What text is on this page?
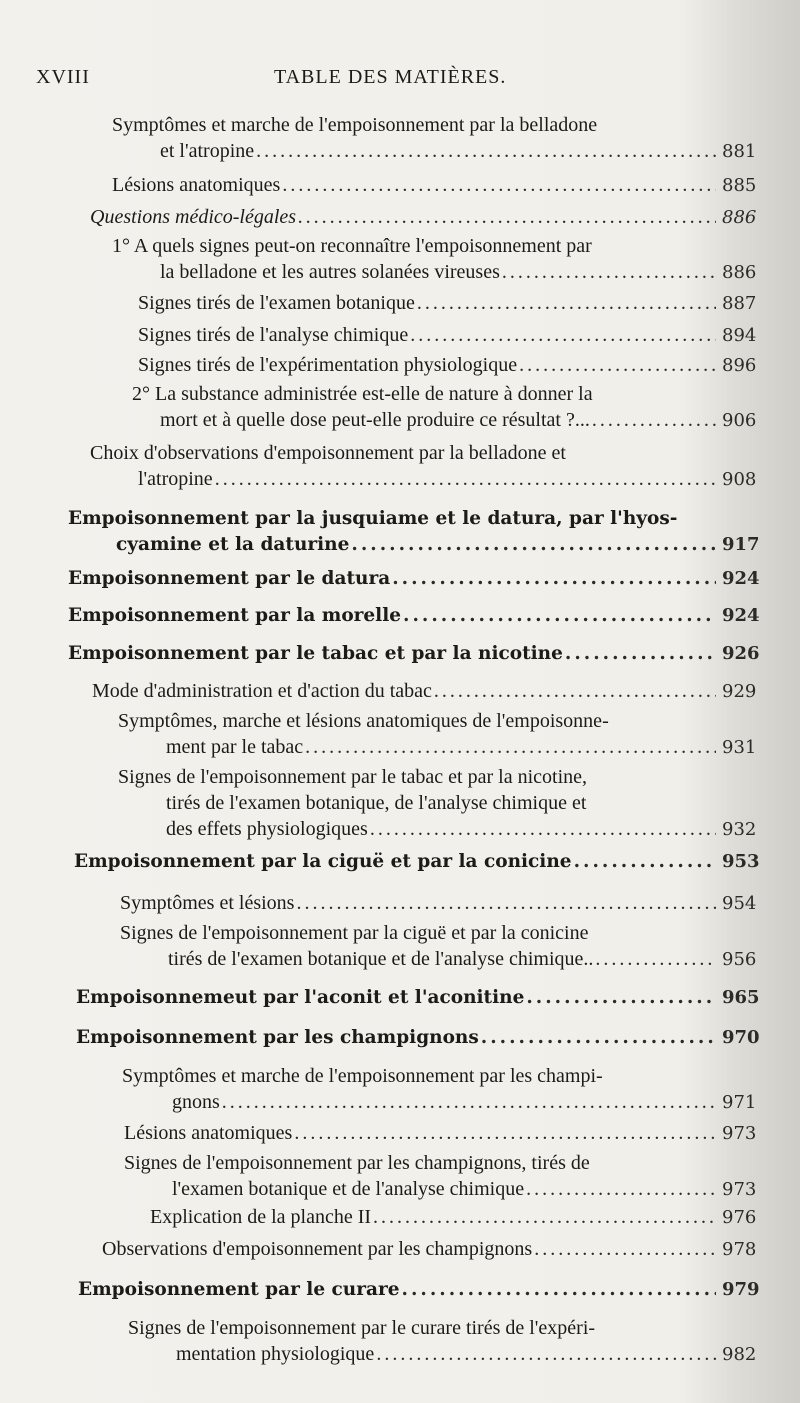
XVIII	TABLE DES MATIÈRES.
Symptômes et marche de l'empoisonnement par la belladone
et l'atropine .....	881
Lésions anatomiques .....	885
Questions médico-légales .....	886
1° A quels signes peut-on reconnaître l'empoisonnement par
la belladone et les autres solanées vireuses .....	886
Signes tirés de l'examen botanique .....	887
Signes tirés de l'analyse chimique .....	894
Signes tirés de l'expérimentation physiologique .....	896
2° La substance administrée est-elle de nature à donner la
mort et à quelle dose peut-elle produire ce résultat ?... .....	906
Choix d'observations d'empoisonnement par la belladone et
l'atropine .....	908
Empoisonnement par la jusquiame et le datura, par l'hyos-
cyamine et la daturine .....	917
Empoisonnement par le datura .....	924
Empoisonnement par la morelle .....	924
Empoisonnement par le tabac et par la nicotine .....	926
Mode d'administration et d'action du tabac .....	929
Symptômes, marche et lésions anatomiques de l'empoisonne-
ment par le tabac .....	931
Signes de l'empoisonnement par le tabac et par la nicotine,
tirés de l'examen botanique, de l'analyse chimique et
des effets physiologiques .....	932
Empoisonnement par la ciguë et par la conicine .....	953
Symptômes et lésions .....	954
Signes de l'empoisonnement par la ciguë et par la conicine
tirés de l'examen botanique et de l'analyse chimique.. .....	956
Empoisonnemeut par l'aconit et l'aconitine .....	965
Empoisonnement par les champignons .....	970
Symptômes et marche de l'empoisonnement par les champi-
gnons .....	971
Lésions anatomiques .....	973
Signes de l'empoisonnement par les champignons, tirés de
l'examen botanique et de l'analyse chimique .....	973
Explication de la planche II .....	976
Observations d'empoisonnement par les champignons .....	978
Empoisonnement par le curare .....	979
Signes de l'empoisonnement par le curare tirés de l'expéri-
mentation physiologique .....	982
